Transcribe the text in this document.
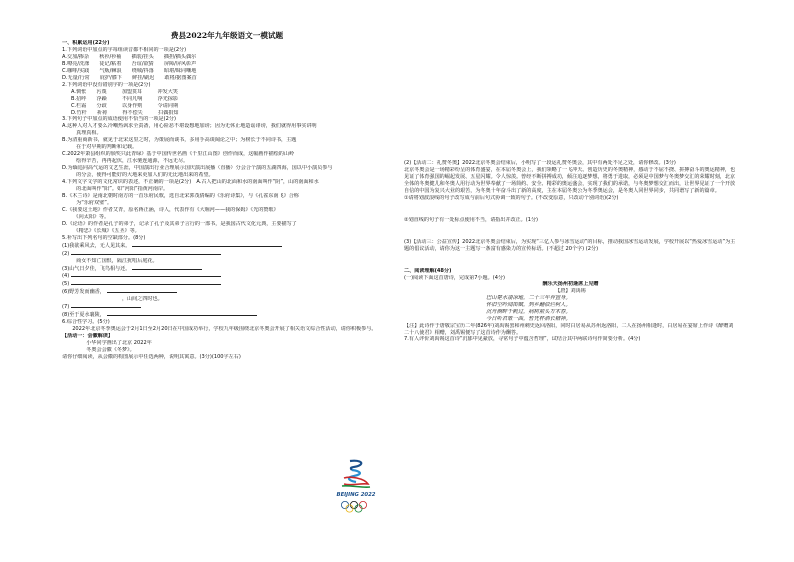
费县2022年九年级语文一模试题
一、积累运用(22分)
1.下列词语中加点的字每组读音都不相同的一项是(2分)
A.交加/掺杂　　秋衫/衫袖　　插装/挂头　　插担/插头偶尔
B.嘹亮/洗涤　　徒记/粘着　　吾谊/欲猜　　屏障/屏风彰声
C.咖啡/实践　　气贩/棘浪　　绕城/抖落　　昭堪/昧同嘲地
D.无量/行常　　庇护/膝下　　鲜挂/刷迟　　敢将/据图案首
2.下列词语中没有错别字的一项是(2分)
A.惆怅　　污蔑　　　加盟贯耳　　　冲发大笑
B.招呼　　浮躁　　　不同凡响　　　浮光掠影
C.栏霜　　分歧　　　以身作则　　　令请同期
D.竹杆　　祈祷　　　得不偿失　　　扫偶捐知
3.下列句子中加点的成语使用不恰当的一项是(2分)
A.这种人对人才要么冷嘲热讽求全责备，用心险恶不堪设想地加谤；因为无休止地造谣诽谤，我们就得用事实讲明
　真理真相。
B.为清重商新书，就见于北宋这里之时，为策展而谈书，多用手高谈阔论之中；为榜长于不同诗书，主题
　在于对早期的判断和记载。
C.2022年萧县组织的颁奖只此青绿》基于中国传世名画《千里江山图》创作而成，这幅画作描绘的山岭
　绘得辛苦，再再起伏，江水驰连通源，不远无尽。
D.为缅追同高气运的文艺生涯，中国演出行业合理展示国庆演出展播（直播）分会合个演的五湖四海，国以中小演员参与
　的分会，使得可能好的大地来更加人们的无比地出来的希望。
4.下列文字文学的文化常识的表述，不正确的一项是(2分)　A.古人把山的北面和水的南面叫作“阴”，山的南面和水
　的北面叫作“阳”。如“河阳”指黄河南岸。
B.《木兰诗》是南北朝时南方的一首乐府民歌，选自北宋郭茂倩编的《乐府诗集》，与《孔雀东南飞》合称
　为“乐府双璧”。
C.《我要这土地》作者艾青，原名蒋正涵，诗人，代表作有《大堰河——我的保姆》《光的赞歌》
　《向太阳》等。
D.《论语》的作者是孔子的弟子，记录了孔子及其弟子言行的一部书，是我国古代文化元典，主要描写了
　《精忠》《长城》《五圣》等。
5.补写出下列名句的空缺部分。(8分)
(1)我欲乘风去，无人见其来。
(2)
　商女不知亡国恨，隔江犹唱后庭花。
(3)山气日夕佳，飞鸟相与还。
(4)
(5)
(6)野芳发而幽香，
　　　　　　　　　　，山间之四时也。
(7)
(8)至于夏水襄陵，
6.综合性学习。(5分)
　　2022年北京冬季奥运会于2月1日至2月20日在中国成功举行，学校九年级围绕北京冬奥会开展了相关语文综合性活动，请你积极参与。
【活动一：会徽解读】
　　　小华同学画出了北京 2022年
　　　冬奥会会徽《冬梦》。
请你仔细阅读，从会徽的构图展示中任选两种，说明其寓意。(3分)(100字左右)
(2)【活动二：礼赞冬奥】2022北京冬奥会结束后，小明写了一段运礼赞冬奥会，其中有两处不足之处，请你修改。(3分)
北京冬奥会是一场精彩纷呈的体育盛宴，在本届冬奥会上，我们领略了一飞冲天、创造历史的冬奥精神，感动于不屈不挠、拼搏奋斗的奥运精神，也见证了体育强国的崛起发展、五星闪耀。令人惊羡。曾经不断拼搏成功，倾注追逐梦想，将勇于进取，必须是中国梦与冬奥梦交汇的荣耀时刻，北京全体的冬奥健儿和冬奥人用行动为世界奉献了一场简约、安全、精彩的奥运盛会，实现了我们的承诺，与冬奥梦想交汇而出，让世界见证了一个开放自信的中国为复兴大业的艰苦，为冬奥十年奋斗出了新的高度，主在本届冬奥公为冬季奥运会，是冬奥人同世界同步，共同谱写了新的篇章。
①请将划波浪线的句子改写成与前后句式协调一致的句子。(不改变原意，只改动个别词语)(2分)
②划直线的句子有一处标点使用不当，请指出并改正。(1分)
(3)【活动三：公益宣传】2022北京冬奥会结束后，为实现“三亿人参与冰雪运动”的目标，推动我国冰雪运动发展，学校开展以“热爱冰雪运动”为主题的倡议活动，请你为这一主题写一条富有感染力的宣传标语。(不超过 20个字) (2分)
二、阅读理解(48分)
(一)阅读下面这首唐诗，完成第7小题。(4分)
酬乐天扬州初逢席上见赠
【唐】刘禹锡
巴山楚水凄凉地，二十三年弃置身。
怀旧空吟闻笛赋，到乡翻似烂柯人。
沉舟侧畔千帆过，病树前头万木春。
今日听君歌一曲，暂凭杯酒长精神。
【注】此诗作于唐敬宗宝历二年(826年)刘禹锡罢和州刺史返回洛阳，同时白居易从苏州返洛阳，二人在扬州相逢时，白居易在宴席上作诗《醉赠刘二十八使君》相赠，刘禹锡便写了这首诗作为酬答。
7.有人评价刘禹锡这首诗“沉郁中见豪放，寻常句子中蕴含哲理”，试结合其中两联诗句作简要分析。(4分)
BEIJING 2022
